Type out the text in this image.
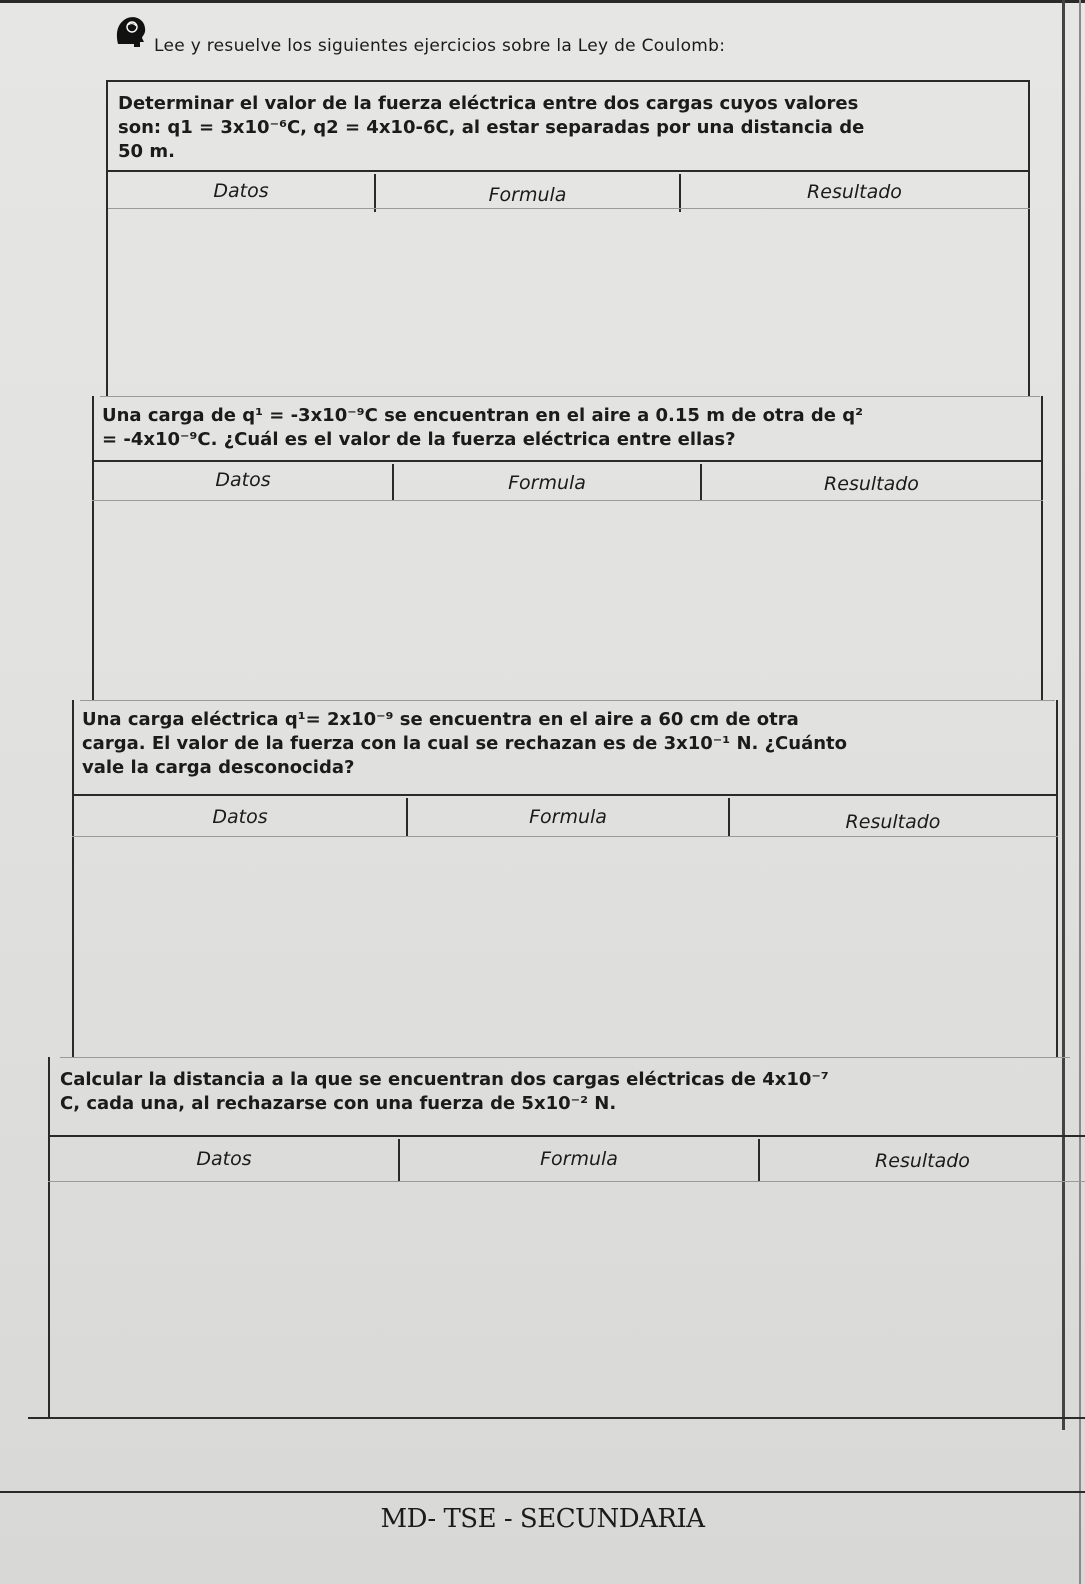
Lee y resuelve los siguientes ejercicios sobre la Ley de Coulomb:
Determinar el valor de la fuerza eléctrica entre dos cargas cuyos valores
son: q1 = 3x10⁻⁶C, q2 = 4x10-6C, al estar separadas por una distancia de
50 m.
Datos	Formula	Resultado
Una carga de q¹ = -3x10⁻⁹C se encuentran en el aire a 0.15 m de otra de q²
= -4x10⁻⁹C. ¿Cuál es el valor de la fuerza eléctrica entre ellas?
Datos	Formula	Resultado
Una carga eléctrica q¹= 2x10⁻⁹ se encuentra en el aire a 60 cm de otra
carga. El valor de la fuerza con la cual se rechazan es de 3x10⁻¹ N. ¿Cuánto
vale la carga desconocida?
Datos	Formula	Resultado
Calcular la distancia a la que se encuentran dos cargas eléctricas de 4x10⁻⁷
C, cada una, al rechazarse con una fuerza de 5x10⁻² N.
Datos	Formula	Resultado
MD- TSE - SECUNDARIA
